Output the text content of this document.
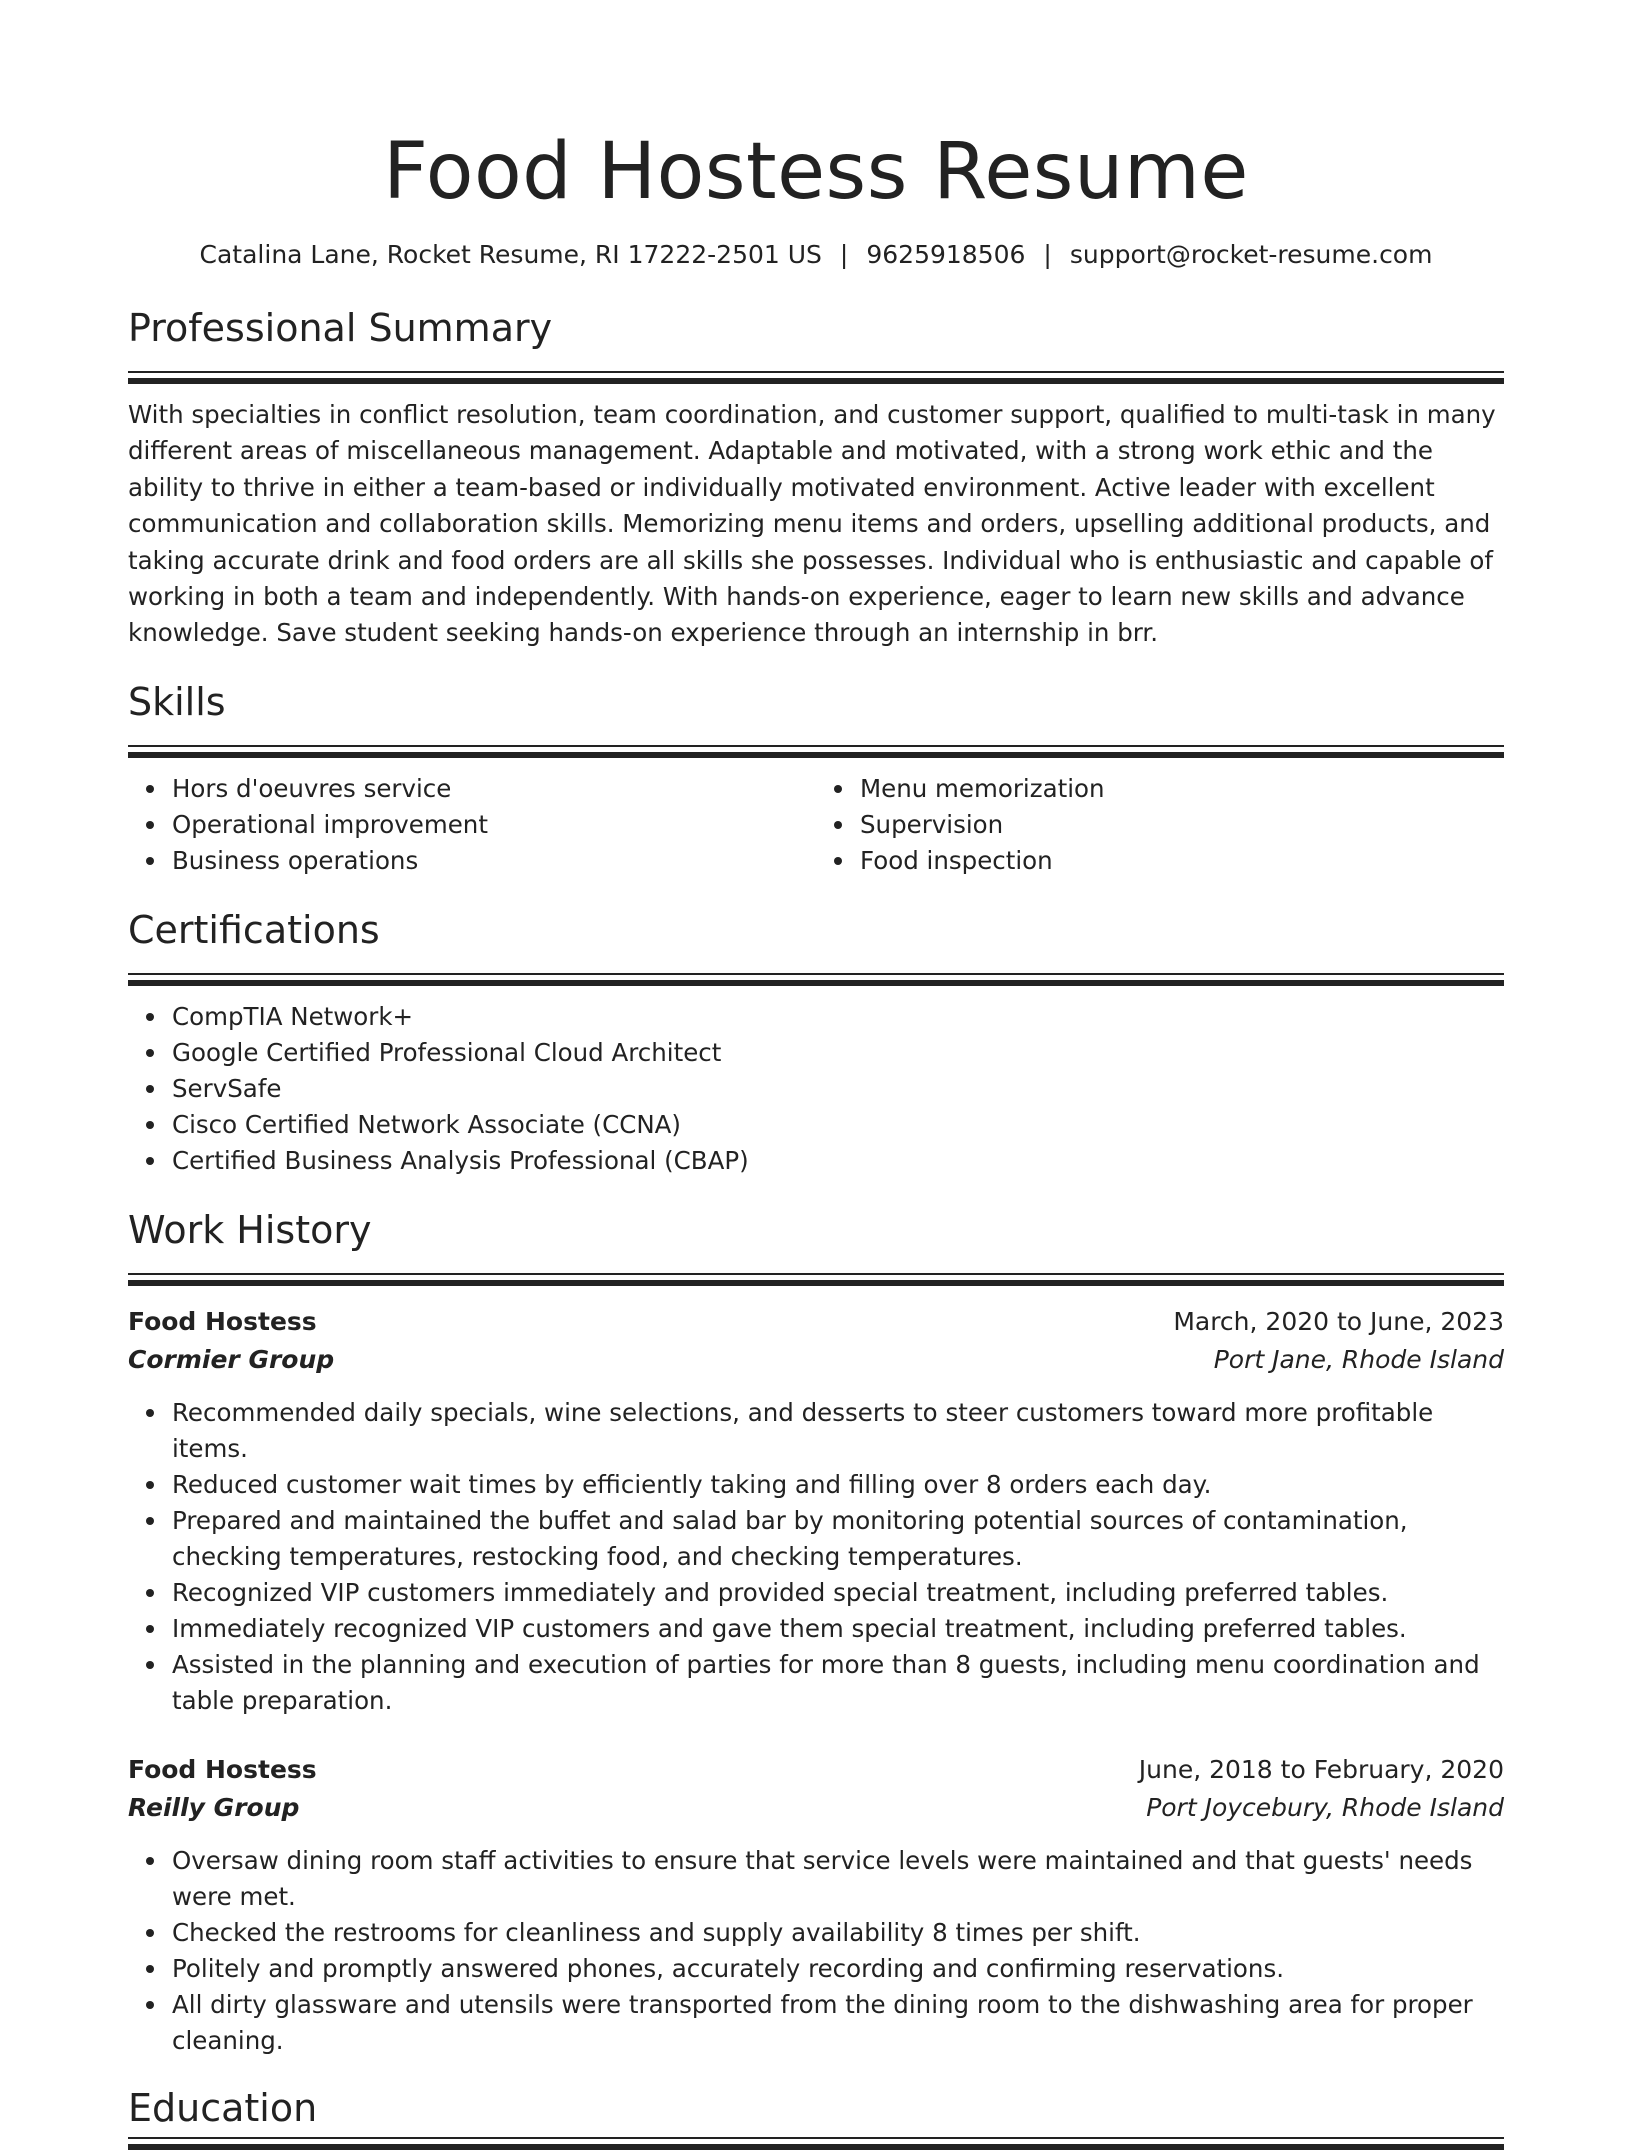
Food Hostess Resume
Catalina Lane, Rocket Resume, RI 17222-2501 US | 9625918506 | support@rocket-resume.com
Professional Summary

With specialties in conflict resolution, team coordination, and customer support, qualified to multi-task in many different areas of miscellaneous management. Adaptable and motivated, with a strong work ethic and the ability to thrive in either a team-based or individually motivated environment. Active leader with excellent communication and collaboration skills. Memorizing menu items and orders, upselling additional products, and taking accurate drink and food orders are all skills she possesses. Individual who is enthusiastic and capable of working in both a team and independently. With hands-on experience, eager to learn new skills and advance knowledge. Save student seeking hands-on experience through an internship in brr.

Skills
Hors d'oeuvres service
Operational improvement
Business operations
Menu memorization
Supervision
Food inspection
Certifications
CompTIA Network+
Google Certified Professional Cloud Architect
ServSafe
Cisco Certified Network Associate (CCNA)
Certified Business Analysis Professional (CBAP)
Work History
Food Hostess	March, 2020 to June, 2023
Cormier Group	Port Jane, Rhode Island
Recommended daily specials, wine selections, and desserts to steer customers toward more profitable items.
Reduced customer wait times by efficiently taking and filling over 8 orders each day.
Prepared and maintained the buffet and salad bar by monitoring potential sources of contamination, checking temperatures, restocking food, and checking temperatures.
Recognized VIP customers immediately and provided special treatment, including preferred tables.
Immediately recognized VIP customers and gave them special treatment, including preferred tables.
Assisted in the planning and execution of parties for more than 8 guests, including menu coordination and table preparation.
Food Hostess	June, 2018 to February, 2020
Reilly Group	Port Joycebury, Rhode Island
Oversaw dining room staff activities to ensure that service levels were maintained and that guests' needs were met.
Checked the restrooms for cleanliness and supply availability 8 times per shift.
Politely and promptly answered phones, accurately recording and confirming reservations.
All dirty glassware and utensils were transported from the dining room to the dishwashing area for proper cleaning.
Education
